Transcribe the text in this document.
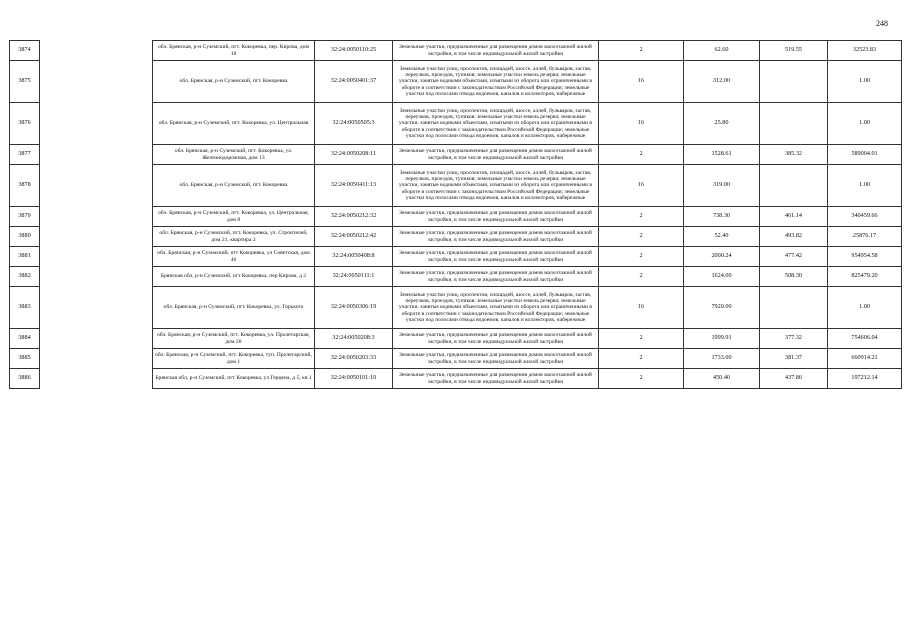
248
3874		обл. Брянская, р-н Суземский, пгт. Кокоревка, пер. Кирова, дом 18	32:24:0050110:25	Земельные участки, предназначенные для размещения домов малоэтажной жилой застройки, в том числе индивидуальной жилой застройки	2	62.60	519.55	32523.83
3875		обл. Брянская, р-н Суземский, пгт. Кокоревка	32:24:0050401:37	Земельные участки улиц, проспектов, площадей, шоссе, аллей, бульваров, застав, переулков, проездов, тупиков; земельные участки земель резерва; земельные участки, занятые водными объектами, изъятыми из оборота или ограниченными в обороте в соответствии с законодательством Российской Федерации; земельные участки под полосами отвода водоемов, каналов и коллекторов, набережные	16	312.00		1.00
3876		обл. Брянская, р-н Суземский, пгт. Кокоревка, ул. Центральная	32:24:0050505:3	Земельные участки улиц, проспектов, площадей, шоссе, аллей, бульваров, застав, переулков, проездов, тупиков; земельные участки земель резерва; земельные участки, занятые водными объектами, изъятыми из оборота или ограниченными в обороте в соответствии с законодательством Российской Федерации; земельные участки под полосами отвода водоемов, каналов и коллекторов, набережные	16	25.80		1.00
3877		обл. Брянская, р-н Суземский, пгт. Кокоревка, ул. Железнодорожная, дом 13	32:24:0050208:11	Земельные участки, предназначенные для размещения домов малоэтажной жилой застройки, в том числе индивидуальной жилой застройки	2	1528.61	385.32	589004.01
3878		обл. Брянская, р-н Суземский, пгт. Кокоревка	32:24:0050411:13	Земельные участки улиц, проспектов, площадей, шоссе, аллей, бульваров, застав, переулков, проездов, тупиков; земельные участки земель резерва; земельные участки, занятые водными объектами, изъятыми из оборота или ограниченными в обороте в соответствии с законодательством Российской Федерации; земельные участки под полосами отвода водоемов, каналов и коллекторов, набережные	16	319.00		1.00
3879		обл. Брянская, р-н Суземский, пгт. Кокоревка, ул. Центральная, дом 8	32:24:0050212:32	Земельные участки, предназначенные для размещения домов малоэтажной жилой застройки, в том числе индивидуальной жилой застройки	2	738.30	461.14	340459.66
3880		обл. Брянская, р-н Суземский, пгт. Кокоревка, ул. Строителей, дом 21, квартира 2	32:24:0050212:42	Земельные участки, предназначенные для размещения домов малоэтажной жилой застройки, в том числе индивидуальной жилой застройки	2	52.40	493.82	25876.17
3881		обл. Брянская, р-н Суземский, пгт Кокоревка, ул Советская, дом 46	32:24:0050408:8	Земельные участки, предназначенные для размещения домов малоэтажной жилой застройки, в том числе индивидуальной жилой застройки	2	2000.24	477.42	954954.58
3882		Брянская обл, р-н Суземский, пгт Кокоревка, пер Кирова, д 2	32:24:0050111:1	Земельные участки, предназначенные для размещения домов малоэтажной жилой застройки, в том числе индивидуальной жилой застройки	2	1624.00	508.30	825479.20
3883		обл. Брянская, р-н Суземский, пгт. Кокоревка, ул. Горького	32:24:0050306:19	Земельные участки улиц, проспектов, площадей, шоссе, аллей, бульваров, застав, переулков, проездов, тупиков; земельные участки земель резерва; земельные участки, занятые водными объектами, изъятыми из оборота или ограниченными в обороте в соответствии с законодательством Российской Федерации; земельные участки под полосами отвода водоемов, каналов и коллекторов, набережные	16	7920.00		1.00
3884		обл. Брянская, р-н Суземский, пгт. Кокоревка, ул. Пролетарская, дом 28	32:24:0050208:3	Земельные участки, предназначенные для размещения домов малоэтажной жилой застройки, в том числе индивидуальной жилой застройки	2	1999.91	377.32	754606.04
3885		обл. Брянская, р-н Суземский, пгт. Кокоревка, туп. Пролетарский, дом 1	32:24:0050203:33	Земельные участки, предназначенные для размещения домов малоэтажной жилой застройки, в том числе индивидуальной жилой застройки	2	1733.00	381.37	660914.21
3886		Брянская обл, р-н Суземский, пгт Кокоревка, ул Герцена, д 5, кв 1	32:24:0050101:10	Земельные участки, предназначенные для размещения домов малоэтажной жилой застройки, в том числе индивидуальной жилой застройки	2	450.40	437.86	197212.14
